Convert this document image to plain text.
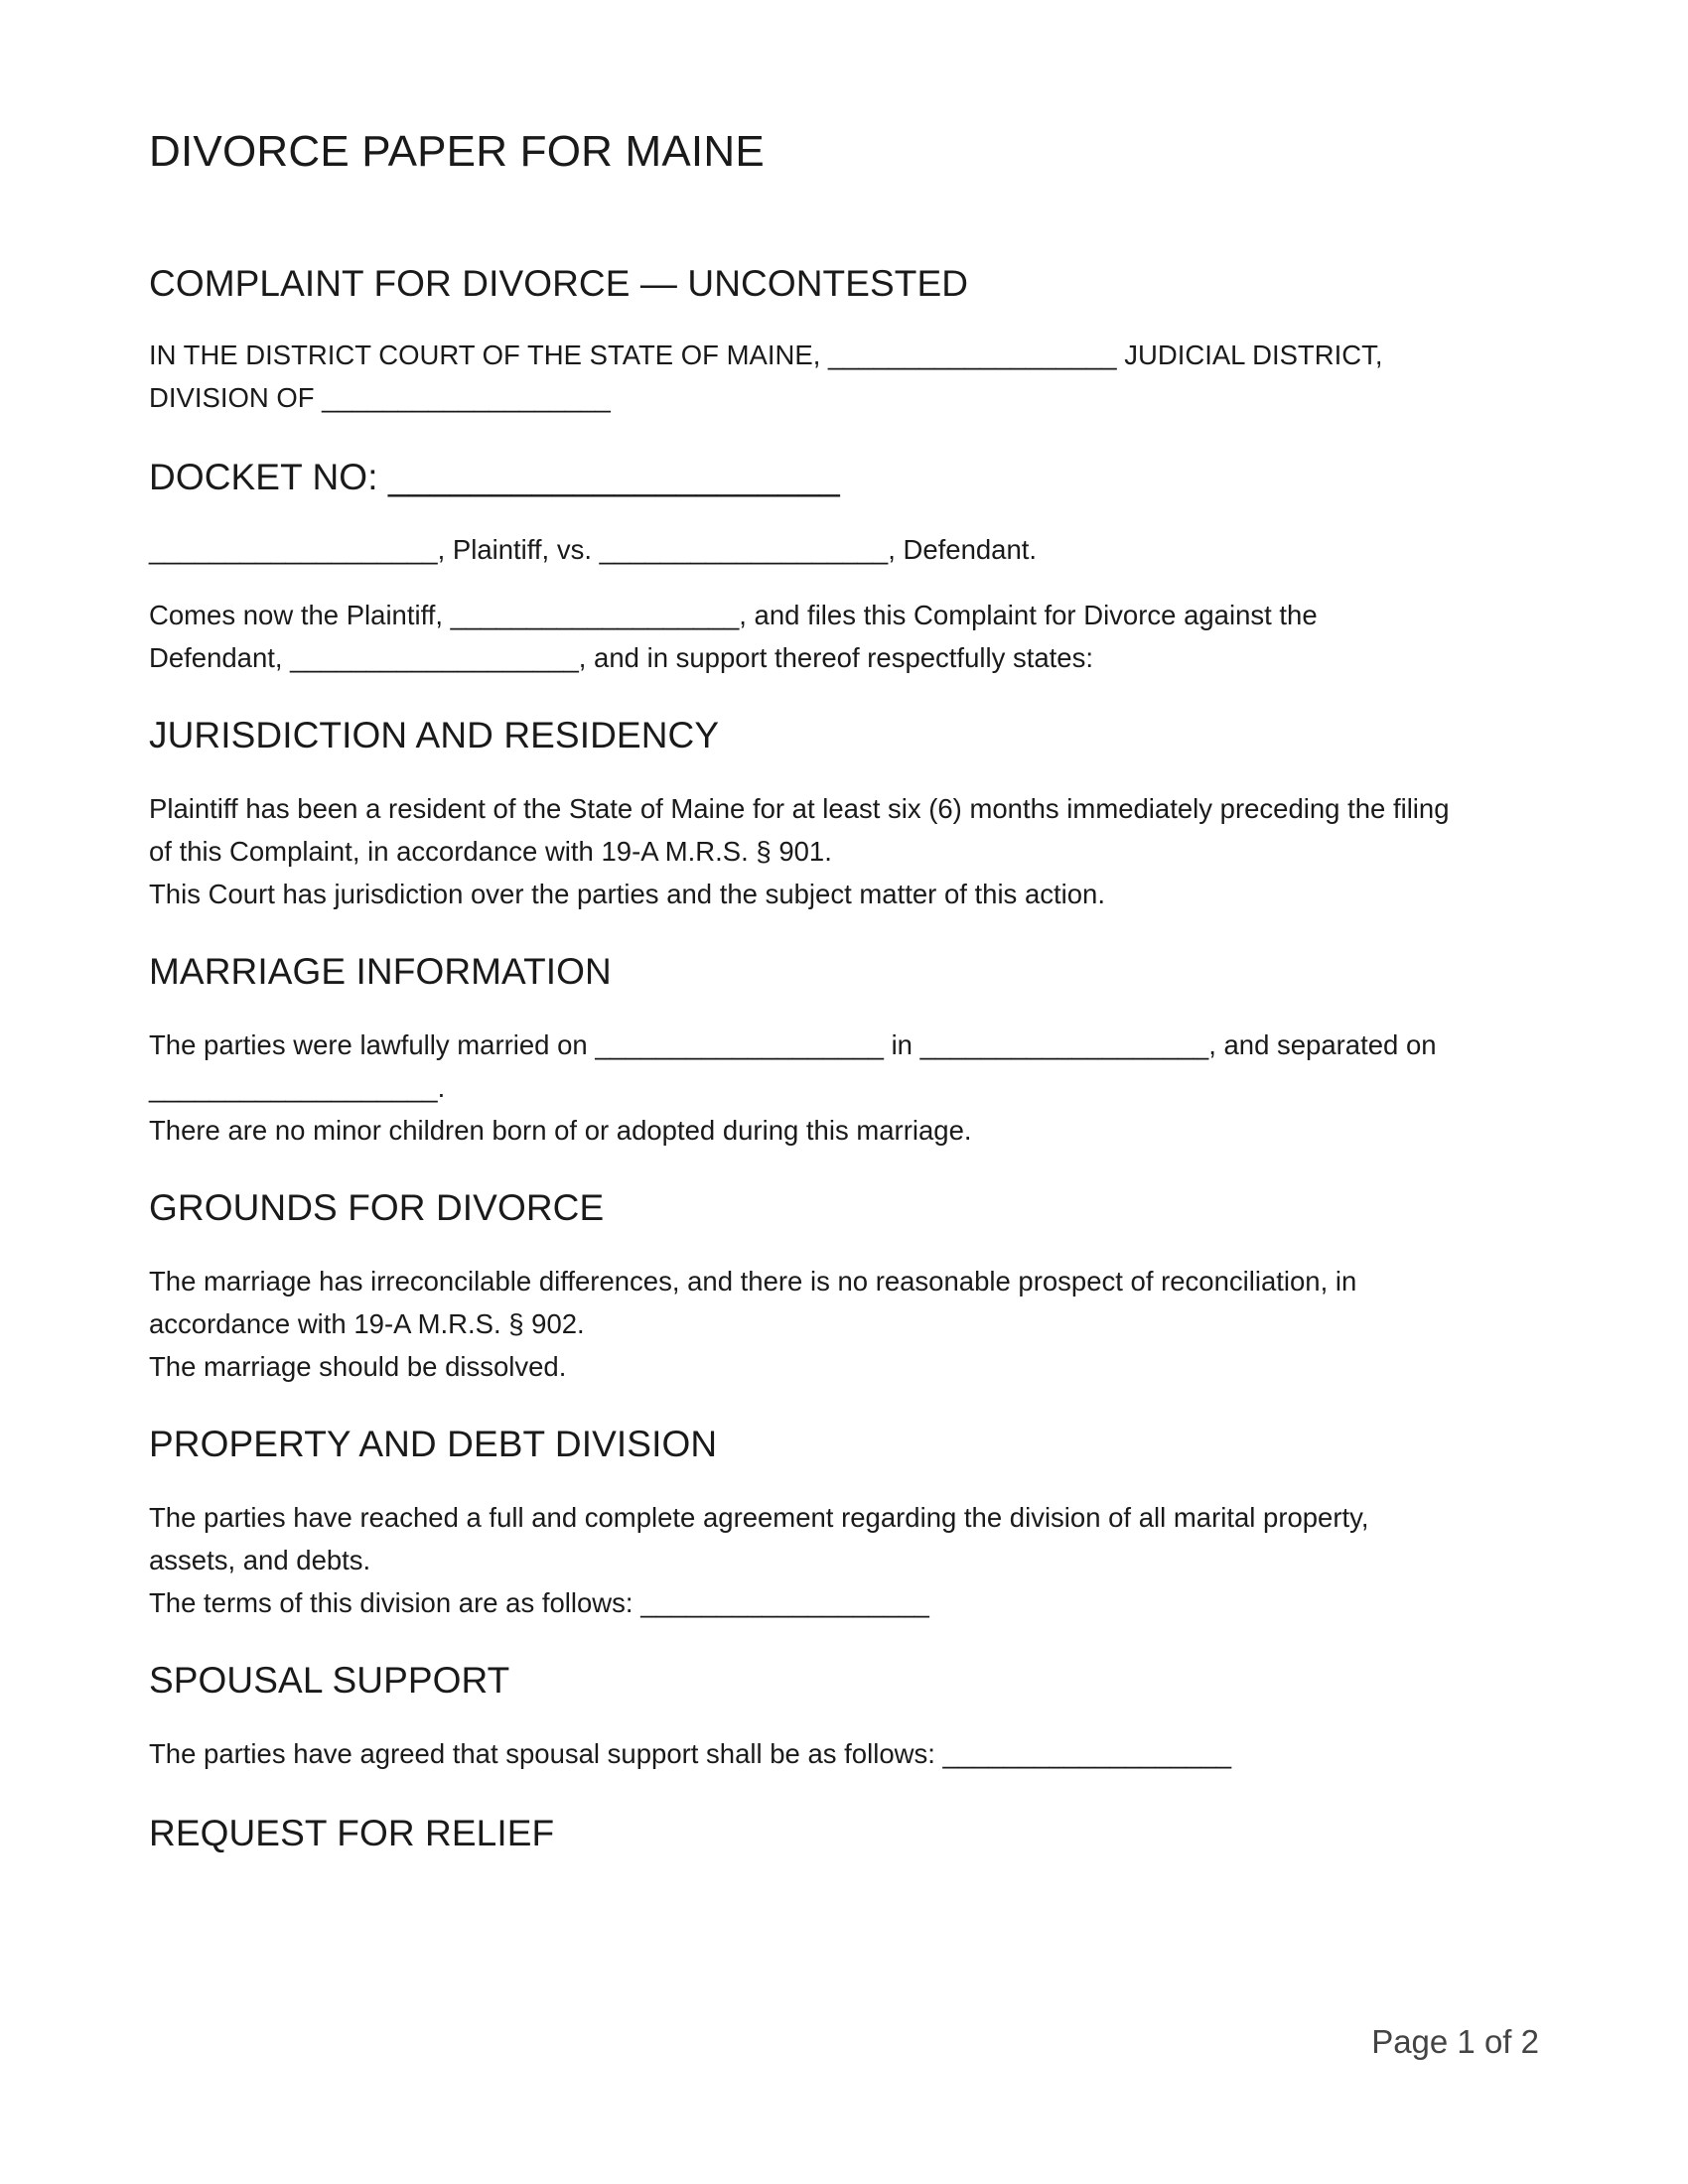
DIVORCE PAPER FOR MAINE
COMPLAINT FOR DIVORCE — UNCONTESTED

IN THE DISTRICT COURT OF THE STATE OF MAINE, ___________________ JUDICIAL DISTRICT,
DIVISION OF ___________________

DOCKET NO: ______________________

___________________, Plaintiff, vs. ___________________, Defendant.

Comes now the Plaintiff, ___________________, and files this Complaint for Divorce against the
Defendant, ___________________, and in support thereof respectfully states:

JURISDICTION AND RESIDENCY

Plaintiff has been a resident of the State of Maine for at least six (6) months immediately preceding the filing
of this Complaint, in accordance with 19-A M.R.S. § 901.
This Court has jurisdiction over the parties and the subject matter of this action.

MARRIAGE INFORMATION

The parties were lawfully married on ___________________ in ___________________, and separated on
___________________.
There are no minor children born of or adopted during this marriage.

GROUNDS FOR DIVORCE

The marriage has irreconcilable differences, and there is no reasonable prospect of reconciliation, in
accordance with 19-A M.R.S. § 902.
The marriage should be dissolved.

PROPERTY AND DEBT DIVISION

The parties have reached a full and complete agreement regarding the division of all marital property,
assets, and debts.
The terms of this division are as follows: ___________________

SPOUSAL SUPPORT

The parties have agreed that spousal support shall be as follows: ___________________

REQUEST FOR RELIEF
Page 1 of 2
